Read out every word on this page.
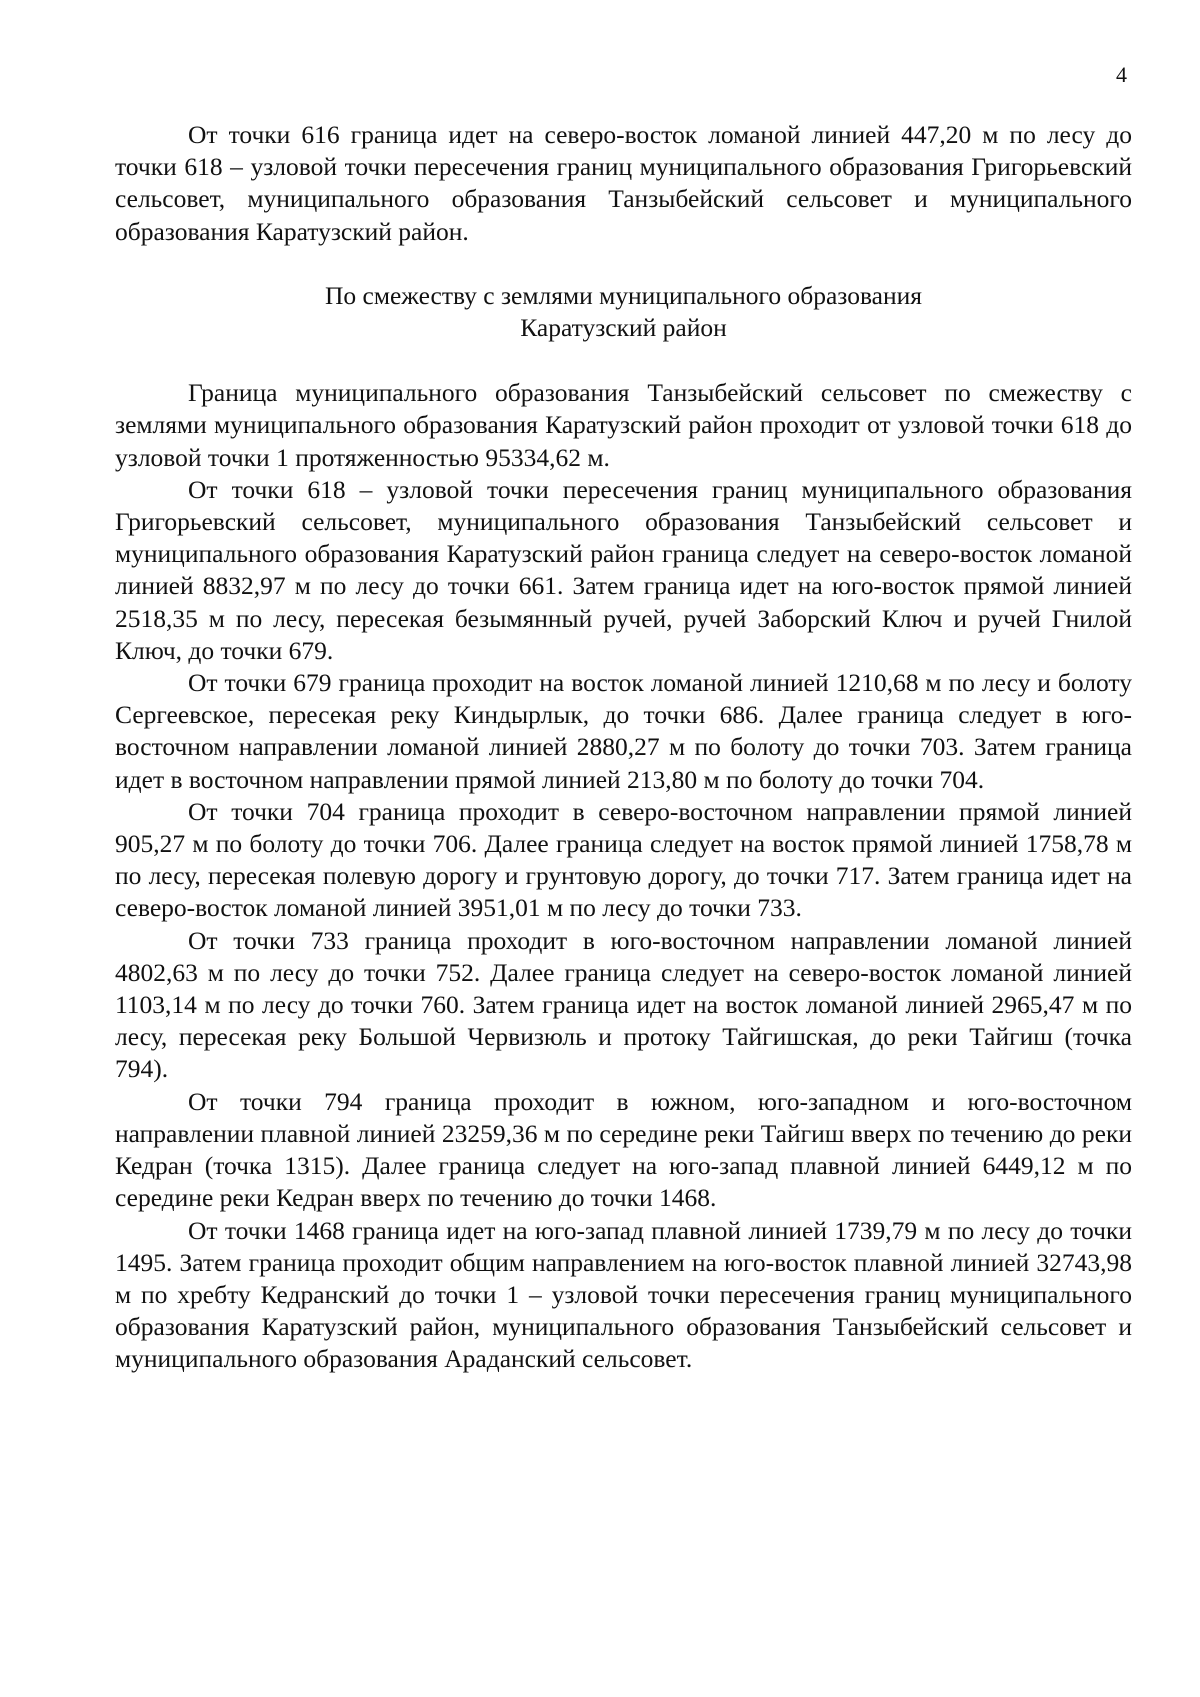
4

От точки 616 граница идет на северо-восток ломаной линией 447,20 м по лесу до точки 618 – узловой точки пересечения границ муниципального образования Григорьевский сельсовет, муниципального образования Танзыбейский сельсовет и муниципального образования Каратузский район.

По смежеству с землями муниципального образования

Каратузский район

Граница муниципального образования Танзыбейский сельсовет по смежеству с землями муниципального образования Каратузский район проходит от узловой точки 618 до узловой точки 1 протяженностью 95334,62 м.

От точки 618 – узловой точки пересечения границ муниципального образования Григорьевский сельсовет, муниципального образования Танзыбейский сельсовет и муниципального образования Каратузский район граница следует на северо-восток ломаной линией 8832,97 м по лесу до точки 661. Затем граница идет на юго-восток прямой линией 2518,35 м по лесу, пересекая безымянный ручей, ручей Заборский Ключ и ручей Гнилой Ключ, до точки 679.

От точки 679 граница проходит на восток ломаной линией 1210,68 м по лесу и болоту Сергеевское, пересекая реку Киндырлык, до точки 686. Далее граница следует в юго-восточном направлении ломаной линией 2880,27 м по болоту до точки 703. Затем граница идет в восточном направлении прямой линией 213,80 м по болоту до точки 704.

От точки 704 граница проходит в северо-восточном направлении прямой линией 905,27 м по болоту до точки 706. Далее граница следует на восток прямой линией 1758,78 м по лесу, пересекая полевую дорогу и грунтовую дорогу, до точки 717. Затем граница идет на северо-восток ломаной линией 3951,01 м по лесу до точки 733.

От точки 733 граница проходит в юго-восточном направлении ломаной линией 4802,63 м по лесу до точки 752. Далее граница следует на северо-восток ломаной линией 1103,14 м по лесу до точки 760. Затем граница идет на восток ломаной линией 2965,47 м по лесу, пересекая реку Большой Червизюль и протоку Тайгишская, до реки Тайгиш (точка 794).

От точки 794 граница проходит в южном, юго-западном и юго-восточном направлении плавной линией 23259,36 м по середине реки Тайгиш вверх по течению до реки Кедран (точка 1315). Далее граница следует на юго-запад плавной линией 6449,12 м по середине реки Кедран вверх по течению до точки 1468.

От точки 1468 граница идет на юго-запад плавной линией 1739,79 м по лесу до точки 1495. Затем граница проходит общим направлением на юго-восток плавной линией 32743,98 м по хребту Кедранский до точки 1 – узловой точки пересечения границ муниципального образования Каратузский район, муниципального образования Танзыбейский сельсовет и муниципального образования Араданский сельсовет.
